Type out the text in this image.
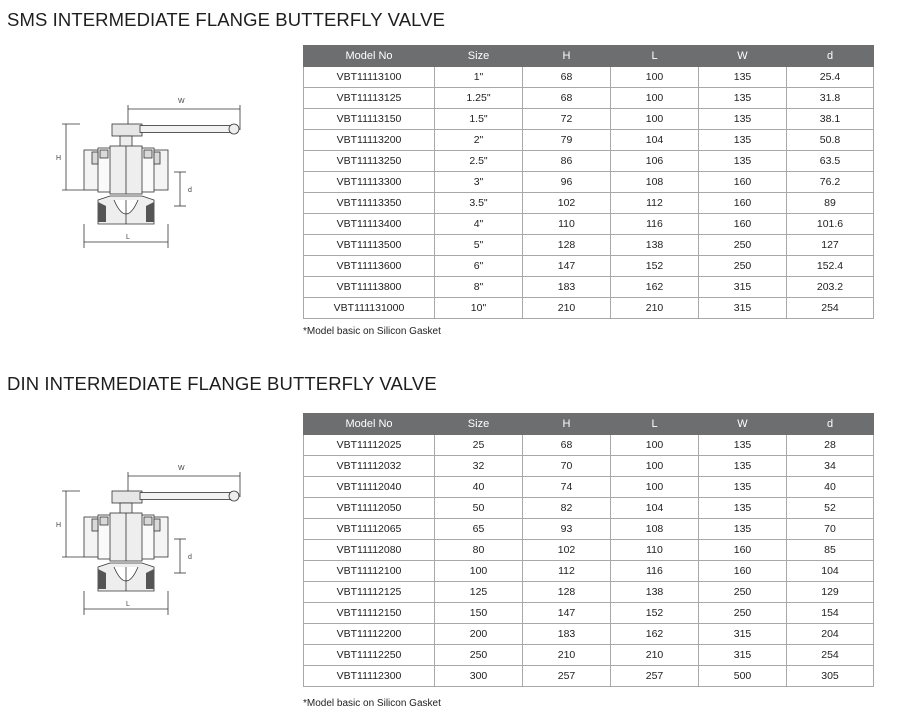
SMS INTERMEDIATE FLANGE BUTTERFLY VALVE
W
H
d
L
Model No	Size	H	L	W	d
VBT11113100	1"	68	100	135	25.4
VBT11113125	1.25"	68	100	135	31.8
VBT11113150	1.5"	72	100	135	38.1
VBT11113200	2"	79	104	135	50.8
VBT11113250	2.5"	86	106	135	63.5
VBT11113300	3"	96	108	160	76.2
VBT11113350	3.5"	102	112	160	89
VBT11113400	4"	110	116	160	101.6
VBT11113500	5"	128	138	250	127
VBT11113600	6"	147	152	250	152.4
VBT11113800	8"	183	162	315	203.2
VBT111131000	10"	210	210	315	254
*Model basic on Silicon Gasket
DIN INTERMEDIATE FLANGE BUTTERFLY VALVE
W
H
d
L
Model No	Size	H	L	W	d
VBT11112025	25	68	100	135	28
VBT11112032	32	70	100	135	34
VBT11112040	40	74	100	135	40
VBT11112050	50	82	104	135	52
VBT11112065	65	93	108	135	70
VBT11112080	80	102	110	160	85
VBT11112100	100	112	116	160	104
VBT11112125	125	128	138	250	129
VBT11112150	150	147	152	250	154
VBT11112200	200	183	162	315	204
VBT11112250	250	210	210	315	254
VBT11112300	300	257	257	500	305
*Model basic on Silicon Gasket
